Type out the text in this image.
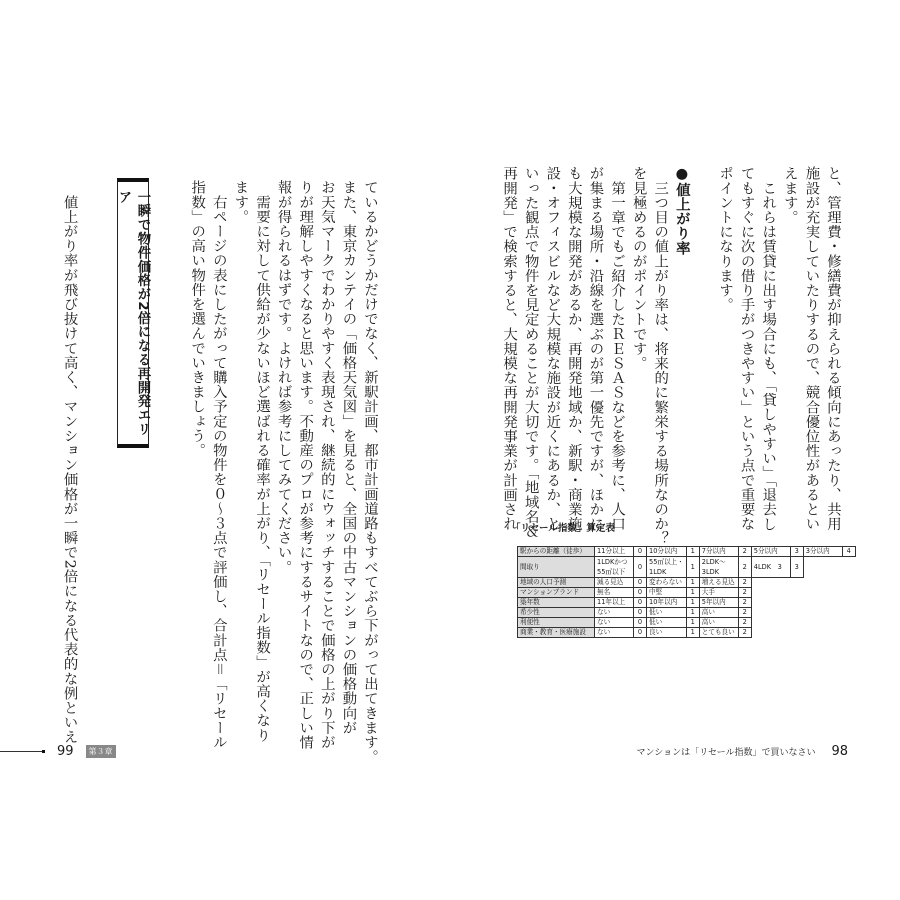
と、管理費・修繕費が抑えられる傾向にあったり、共用
施設が充実していたりするので、競合優位性があるとい
えます。
　これらは賃貸に出す場合にも、「貸しやすい」「退去し
てもすぐに次の借り手がつきやすい」という点で重要な
ポイントになります。

●値上がり率
　三つ目の値上がり率は、将来的に繁栄する場所なのか？
を見極めるのがポイントです。
　第一章でもご紹介したＲＥＳＡＳなどを参考に、人口
が集まる場所・沿線を選ぶのが第一優先ですが、ほかに
も大規模な開発があるか、再開発地域か、新駅・商業施
設・オフィスビルなど大規模な施設が近くにあるか、と
いった観点で物件を見定めることが大切です。「地域名＆
再開発」で検索すると、大規模な再開発事業が計画され
「リセール指数」算定表
駅からの距離（徒歩）	11分以上	0	10分以内	1	7分以内	2	5分以内	3	3分以内	4
間取り	1LDKかつ
55㎡以下	0	55㎡以上・
1LDK	1	2LDK〜
3LDK	2	4LDK　3	3		
地域の人口予測	減る見込	0	変わらない	1	増える見込	2				
マンションブランド	無名	0	中堅	1	大手	2				
築年数	11年以上	0	10年以内	1	5年以内	2				
希少性	ない	0	低い	1	高い	2				
利便性	ない	0	低い	1	高い	2				
商業・教育・医療施設	ない	0	良い	1	とても良い	2				
ているかどうかだけでなく、新駅計画、都市計画道路もすべてぶら下がって出てきます。
また、東京カンテイの「価格天気図」を見ると、全国の中古マンションの価格動向が
お天気マークでわかりやすく表現され、継続的にウォッチすることで価格の上がり下が
りが理解しやすくなると思います。不動産のプロが参考にするサイトなので、正しい情
報が得られるはずです。よければ参考にしてみてください。
　需要に対して供給が少ないほど選ばれる確率が上がり、「リセール指数」が高くなり
ます。
　右ページの表にしたがって購入予定の物件を０〜３点で評価し、合計点＝「リセール
指数」の高い物件を選んでいきましょう。
一瞬で物件価格が2倍になる再開発エリア
　値上がり率が飛び抜けて高く、マンション価格が一瞬で2倍になる代表的な例といえ
99	第３章	マンションは「リセール指数」で買いなさい 98
